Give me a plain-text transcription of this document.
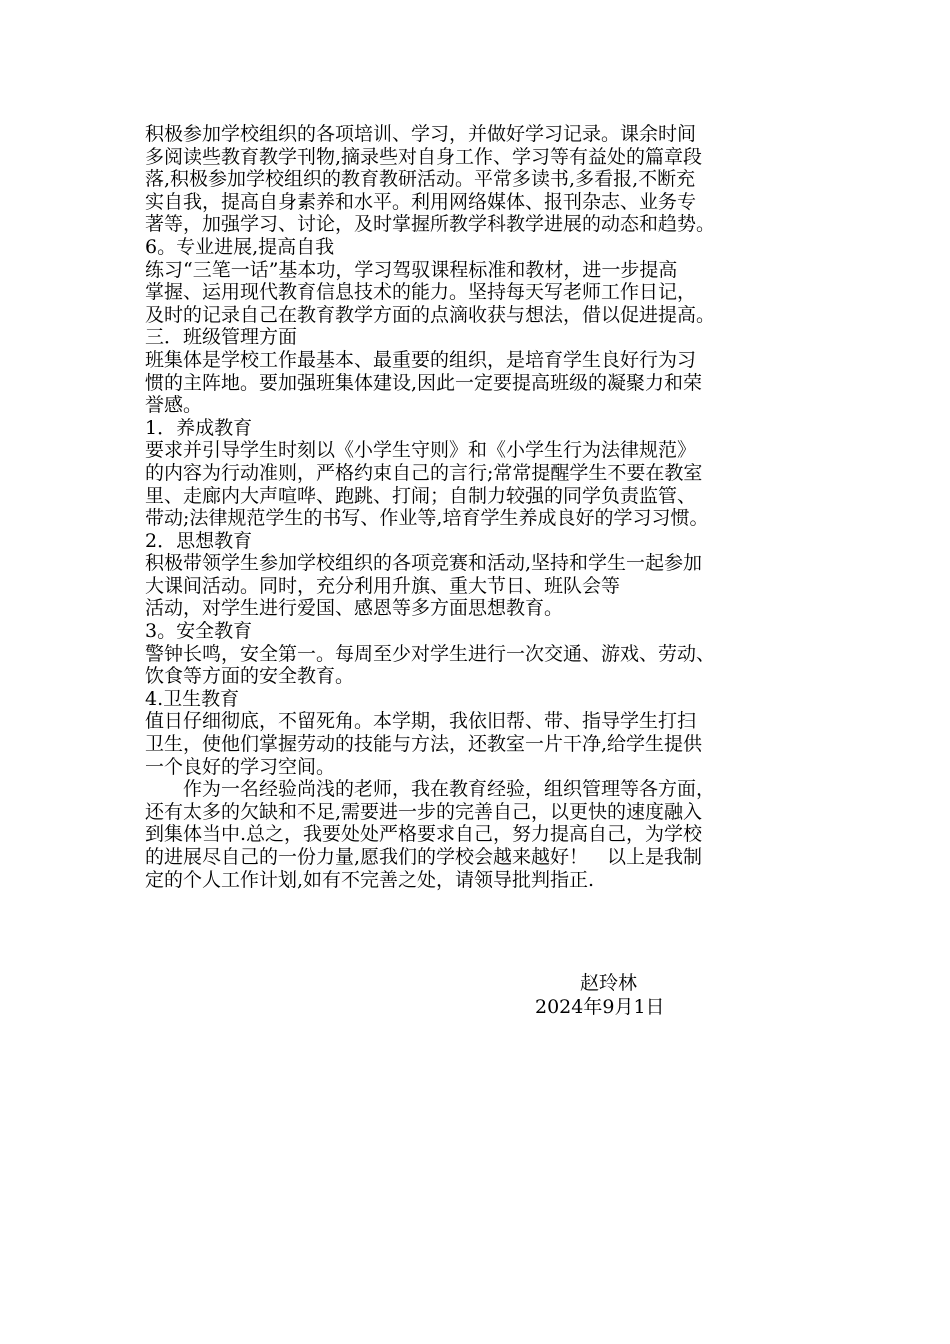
积极参加学校组织的各项培训、学习，并做好学习记录。课余时间
多阅读些教育教学刊物,摘录些对自身工作、学习等有益处的篇章段
落,积极参加学校组织的教育教研活动。平常多读书,多看报,不断充
实自我，提高自身素养和水平。利用网络媒体、报刊杂志、业务专
著等，加强学习、讨论，及时掌握所教学科教学进展的动态和趋势。
6。专业进展,提高自我
练习“三笔一话”基本功，学习驾驭课程标准和教材，进一步提高
掌握、运用现代教育信息技术的能力。坚持每天写老师工作日记，
及时的记录自己在教育教学方面的点滴收获与想法，借以促进提高。
三．班级管理方面
班集体是学校工作最基本、最重要的组织，是培育学生良好行为习
惯的主阵地。要加强班集体建设,因此一定要提高班级的凝聚力和荣
誉感。
1．养成教育
要求并引导学生时刻以《小学生守则》和《小学生行为法律规范》
的内容为行动准则，严格约束自己的言行;常常提醒学生不要在教室
里、走廊内大声喧哗、跑跳、打闹；自制力较强的同学负责监管、
带动;法律规范学生的书写、作业等,培育学生养成良好的学习习惯。
2．思想教育
积极带领学生参加学校组织的各项竞赛和活动,坚持和学生一起参加
大课间活动。同时，充分利用升旗、重大节日、班队会等
活动，对学生进行爱国、感恩等多方面思想教育。
3。安全教育
警钟长鸣，安全第一。每周至少对学生进行一次交通、游戏、劳动、
饮食等方面的安全教育。
4.卫生教育
值日仔细彻底，不留死角。本学期，我依旧帮、带、指导学生打扫
卫生，使他们掌握劳动的技能与方法，还教室一片干净,给学生提供
一个良好的学习空间。
　　作为一名经验尚浅的老师，我在教育经验，组织管理等各方面，
还有太多的欠缺和不足,需要进一步的完善自己，以更快的速度融入
到集体当中.总之，我要处处严格要求自己，努力提高自己，为学校
的进展尽自己的一份力量,愿我们的学校会越来越好！　以上是我制
定的个人工作计划,如有不完善之处，请领导批判指正.
赵玲林
2024年9月1日
